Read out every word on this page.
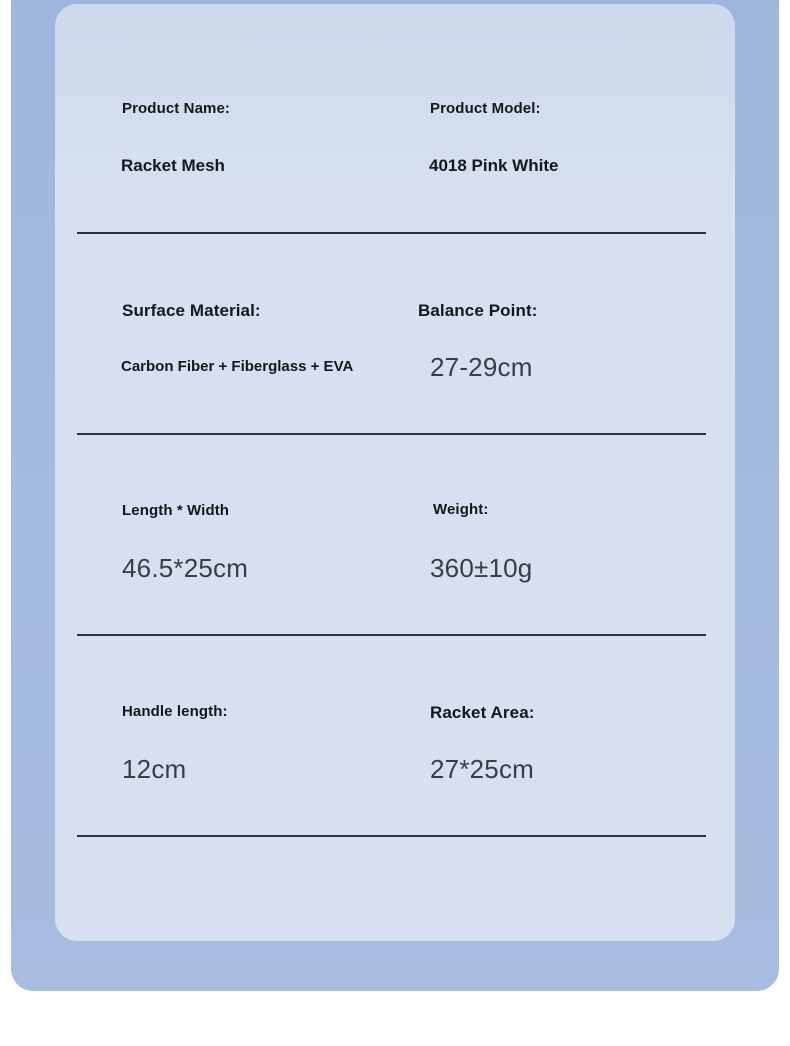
Product Name:
Racket Mesh
Product Model:
4018 Pink White
Surface Material:
Carbon Fiber + Fiberglass + EVA
Balance Point:
27-29cm
Length * Width
46.5*25cm
Weight:
360±10g
Handle length:
12cm
Racket Area:
27*25cm
